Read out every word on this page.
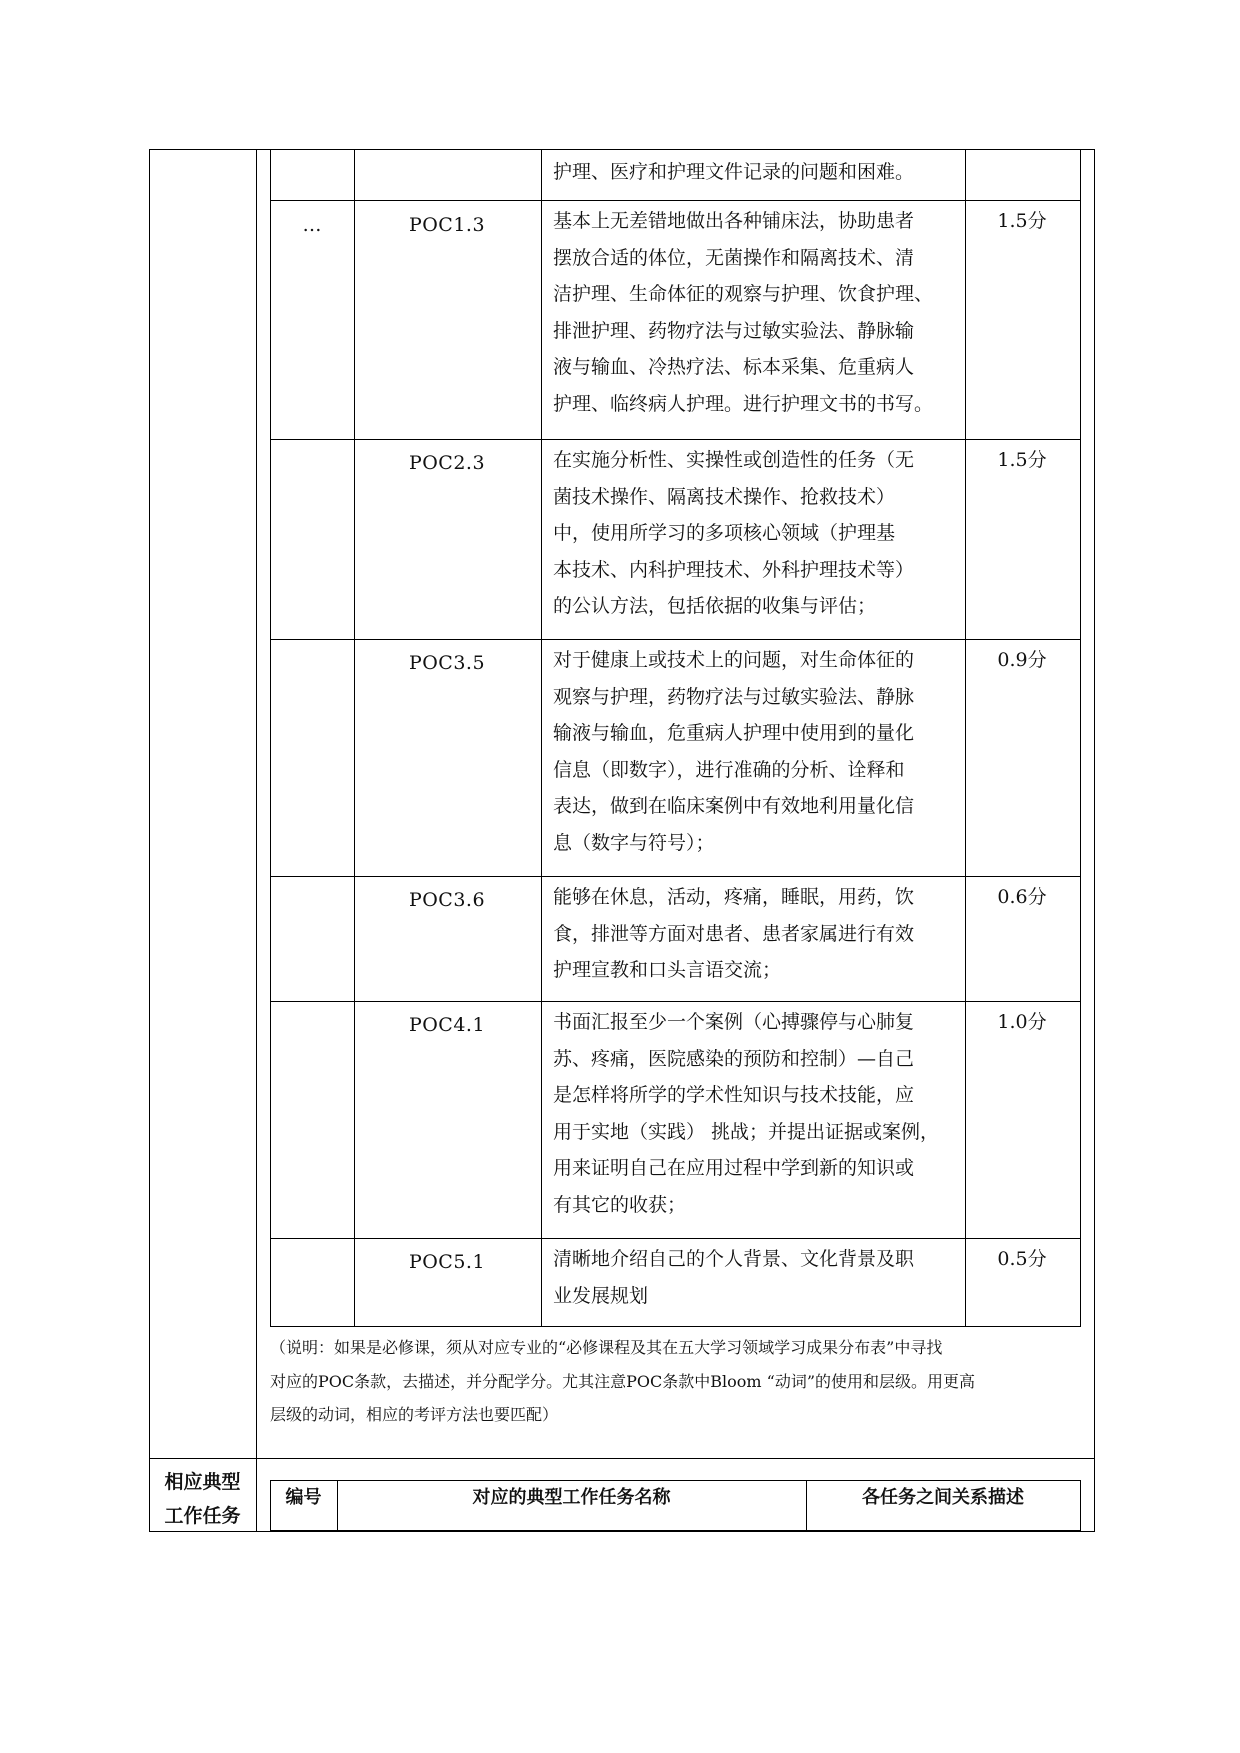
护理、医疗和护理文件记录的问题和困难。
…	POC1.3	基本上无差错地做出各种铺床法，协助患者
摆放合适的体位，无菌操作和隔离技术、清
洁护理、生命体征的观察与护理、饮食护理、
排泄护理、药物疗法与过敏实验法、静脉输
液与输血、冷热疗法、标本采集、危重病人
护理、临终病人护理。进行护理文书的书写。
1.5分
POC2.3	在实施分析性、实操性或创造性的任务（无
菌技术操作、隔离技术操作、抢救技术）
中，使用所学习的多项核心领域（护理基
本技术、内科护理技术、外科护理技术等）
的公认方法，包括依据的收集与评估；
1.5分
POC3.5	对于健康上或技术上的问题，对生命体征的
观察与护理，药物疗法与过敏实验法、静脉
输液与输血，危重病人护理中使用到的量化
信息（即数字），进行准确的分析、诠释和
表达，做到在临床案例中有效地利用量化信
息（数字与符号）；
0.9分
POC3.6	能够在休息，活动，疼痛，睡眠，用药，饮
食，排泄等方面对患者、患者家属进行有效
护理宣教和口头言语交流；
0.6分
POC4.1	书面汇报至少一个案例（心搏骤停与心肺复
苏、疼痛，医院感染的预防和控制）—自己
是怎样将所学的学术性知识与技术技能，应
用于实地（实践） 挑战；并提出证据或案例，
用来证明自己在应用过程中学到新的知识或
有其它的收获；
1.0分
POC5.1	清晰地介绍自己的个人背景、文化背景及职
业发展规划
0.5分
（说明：如果是必修课，须从对应专业的“必修课程及其在五大学习领域学习成果分布表”中寻找
对应的POC条款，去描述，并分配学分。尤其注意POC条款中Bloom “动词”的使用和层级。用更高
层级的动词，相应的考评方法也要匹配）
相应典型
工作任务
编号	对应的典型工作任务名称	各任务之间关系描述
